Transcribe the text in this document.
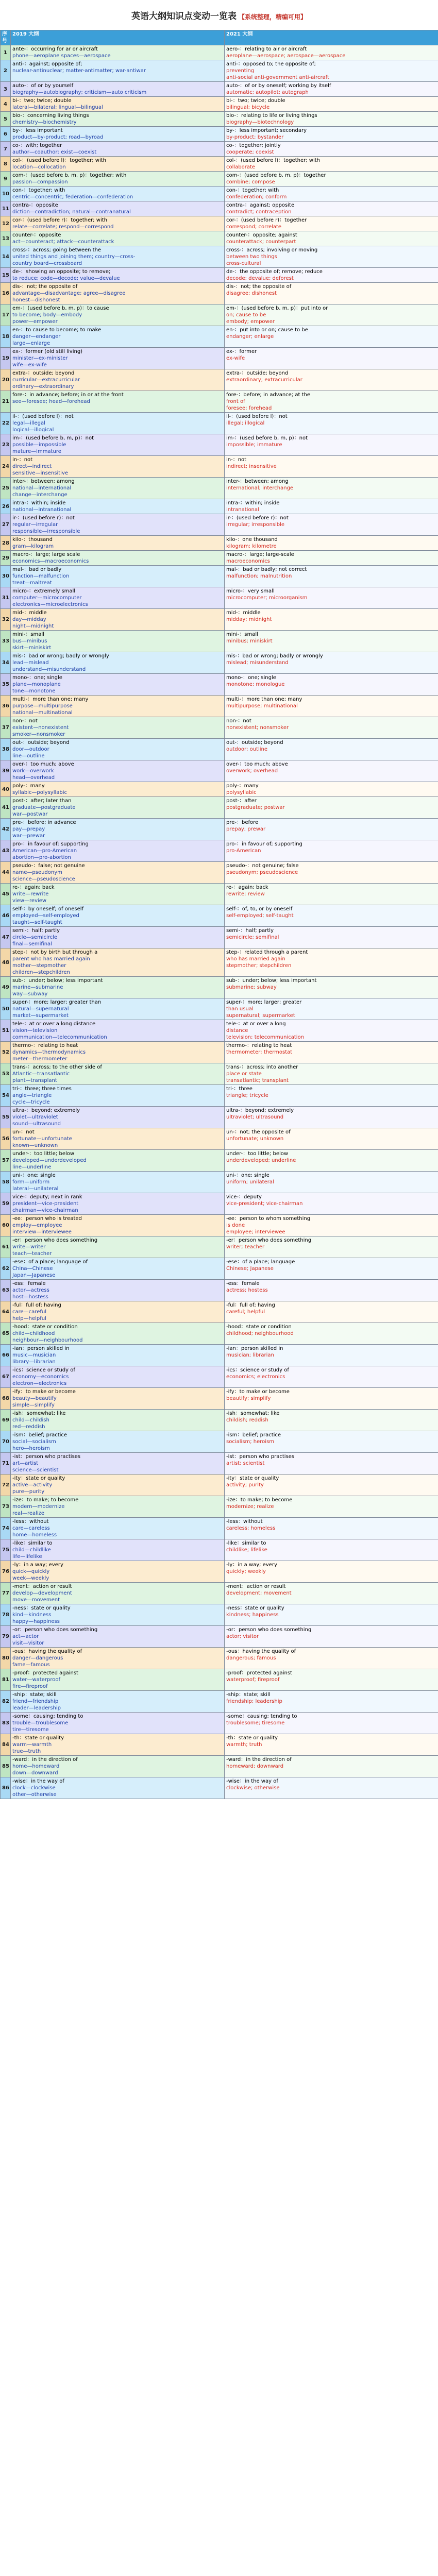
英语大纲知识点变动一览表 【系统整理，精编可用】
序号	2019 大纲	2021 大纲
1	ante-：occurring for ar or aircraft
phone—aeroplane spaces—aerospace	aero-：relating to air or aircraft
aeroplane—aerospace; aerospace—aerospace

2	anti-：against; opposite of;
nuclear-antinuclear; matter-antimatter; war-antiwar	anti-：opposed to; the opposite of;
preventing
anti-social anti-government anti-aircraft

3	auto-：of or by yourself
biography—autobiography; criticism—auto criticism	auto-：of or by oneself; working by itself
automatic; autopilot; autograph

4	bi-：two; twice; double
lateral—bilateral; lingual—bilingual	bi-：two; twice; double
bilingual; bicycle

5	bio-：concerning living things
chemistry—biochemistry	bio-：relating to life or living things
biography—biotechnology

6	by-：less important
product—by-product; road—byroad	by-：less important; secondary
by-product; bystander

7	co-：with; together
author—coauthor; exist—coexist	co-：together; jointly
cooperate; coexist

8	col-：(used before l)：together; with
location—collocation	col-：(used before l)：together; with
collaborate

9	com-：(used before b, m, p)：together; with
passion—compassion	com-：(used before b, m, p)：together
combine; compose

10	con-：together; with
centric—concentric; federation—confederation	con-：together; with
confederation; conform

11	contra-：opposite
diction—contradiction; natural—contranatural	contra-：against; opposite
contradict; contraception

12	cor-：(used before r)：together; with
relate—correlate; respond—correspond	cor-：(used before r)：together
correspond; correlate

13	counter-：opposite
act—counteract; attack—counterattack	counter-：opposite; against
counterattack; counterpart

14	cross-：across; going between the
united things and joining them; country—cross-
country board—crossboard	cross-：across; involving or moving
between two things
cross-cultural

15	de-：showing an opposite; to remove;
to reduce; code—decode; value—devalue	de-：the opposite of; remove; reduce
decode; devalue; deforest

16	dis-：not; the opposite of
advantage—disadvantage; agree—disagree
honest—dishonest	dis-：not; the opposite of
disagree; dishonest

17	em-：(used before b, m, p)：to cause
to become; body—embody
power—empower	em-：(used before b, m, p)：put into or
on; cause to be
embody; empower

18	en-：to cause to become; to make
danger—endanger
large—enlarge	en-：put into or on; cause to be
endanger; enlarge

19	ex-：former (old still living)
minister—ex-minister
wife—ex-wife	ex-：former
ex-wife

20	extra-：outside; beyond
curricular—extracurricular
ordinary—extraordinary	extra-：outside; beyond
extraordinary; extracurricular

21	fore-：in advance; before; in or at the front
see—foresee; head—forehead	fore-：before; in advance; at the
front of
foresee; forehead

22	il-：(used before l)：not
legal—illegal
logical—illogical	il-：(used before l)：not
illegal; illogical

23	im-：(used before b, m, p)：not
possible—impossible
mature—immature	im-：(used before b, m, p)：not
impossible; immature

24	in-：not
direct—indirect
sensitive—insensitive	in-：not
indirect; insensitive

25	inter-：between; among
national—international
change—interchange	inter-：between; among
international; interchange

26	intra-：within; inside
national—intranational	intra-：within; inside
intranational

27	ir-：(used before r)：not
regular—irregular
responsible—irresponsible	ir-：(used before r)：not
irregular; irresponsible

28	kilo-：thousand
gram—kilogram	kilo-：one thousand
kilogram; kilometre

29	macro-：large; large scale
economics—macroeconomics	macro-：large; large-scale
macroeconomics

30	mal-：bad or badly
function—malfunction
treat—maltreat	mal-：bad or badly; not correct
malfunction; malnutrition

31	micro-：extremely small
computer—microcomputer
electronics—microelectronics	micro-：very small
microcomputer; microorganism

32	mid-：middle
day—midday
night—midnight	mid-：middle
midday; midnight

33	mini-：small
bus—minibus
skirt—miniskirt	mini-：small
minibus; miniskirt

34	mis-：bad or wrong; badly or wrongly
lead—mislead
understand—misunderstand	mis-：bad or wrong; badly or wrongly
mislead; misunderstand

35	mono-：one; single
plane—monoplane
tone—monotone	mono-：one; single
monotone; monologue

36	multi-：more than one; many
purpose—multipurpose
national—multinational	multi-：more than one; many
multipurpose; multinational

37	non-：not
existent—nonexistent
smoker—nonsmoker	non-：not
nonexistent; nonsmoker

38	out-：outside; beyond
door—outdoor
line—outline	out-：outside; beyond
outdoor; outline

39	over-：too much; above
work—overwork
head—overhead	over-：too much; above
overwork; overhead

40	poly-：many
syllabic—polysyllabic	poly-：many
polysyllabic

41	post-：after; later than
graduate—postgraduate
war—postwar	post-：after
postgraduate; postwar

42	pre-：before; in advance
pay—prepay
war—prewar	pre-：before
prepay; prewar

43	pro-：in favour of; supporting
American—pro-American
abortion—pro-abortion	pro-：in favour of; supporting
pro-American

44	pseudo-：false; not genuine
name—pseudonym
science—pseudoscience	pseudo-：not genuine; false
pseudonym; pseudoscience

45	re-：again; back
write—rewrite
view—review	re-：again; back
rewrite; review

46	self-：by oneself; of oneself
employed—self-employed
taught—self-taught	self-：of, to, or by oneself
self-employed; self-taught

47	semi-：half; partly
circle—semicircle
final—semifinal	semi-：half; partly
semicircle; semifinal

48	step-：not by birth but through a
parent who has married again
mother—stepmother
children—stepchildren	step-：related through a parent
who has married again
stepmother; stepchildren

49	sub-：under; below; less important
marine—submarine
way—subway	sub-：under; below; less important
submarine; subway

50	super-：more; larger; greater than
natural—supernatural
market—supermarket	super-：more; larger; greater
than usual
supernatural; supermarket

51	tele-：at or over a long distance
vision—television
communication—telecommunication	tele-：at or over a long
distance
television; telecommunication

52	thermo-：relating to heat
dynamics—thermodynamics
meter—thermometer	thermo-：relating to heat
thermometer; thermostat

53	trans-：across; to the other side of
Atlantic—transatlantic
plant—transplant	trans-：across; into another
place or state
transatlantic; transplant

54	tri-：three; three times
angle—triangle
cycle—tricycle	tri-：three
triangle; tricycle

55	ultra-：beyond; extremely
violet—ultraviolet
sound—ultrasound	ultra-：beyond; extremely
ultraviolet; ultrasound

56	un-：not
fortunate—unfortunate
known—unknown	un-：not; the opposite of
unfortunate; unknown

57	under-：too little; below
developed—underdeveloped
line—underline	under-：too little; below
underdeveloped; underline

58	uni-：one; single
form—uniform
lateral—unilateral	uni-：one; single
uniform; unilateral

59	vice-：deputy; next in rank
president—vice-president
chairman—vice-chairman	vice-：deputy
vice-president; vice-chairman

60	-ee：person who is treated
employ—employee
interview—interviewee	-ee：person to whom something
is done
employee; interviewee

61	-er：person who does something
write—writer
teach—teacher	-er：person who does something
writer; teacher

62	-ese：of a place; language of
China—Chinese
Japan—Japanese	-ese：of a place; language
Chinese; Japanese

63	-ess：female
actor—actress
host—hostess	-ess：female
actress; hostess

64	-ful：full of; having
care—careful
help—helpful	-ful：full of; having
careful; helpful

65	-hood：state or condition
child—childhood
neighbour—neighbourhood	-hood：state or condition
childhood; neighbourhood

66	-ian：person skilled in
music—musician
library—librarian	-ian：person skilled in
musician; librarian

67	-ics：science or study of
economy—economics
electron—electronics	-ics：science or study of
economics; electronics

68	-ify：to make or become
beauty—beautify
simple—simplify	-ify：to make or become
beautify; simplify

69	-ish：somewhat; like
child—childish
red—reddish	-ish：somewhat; like
childish; reddish

70	-ism：belief; practice
social—socialism
hero—heroism	-ism：belief; practice
socialism; heroism

71	-ist：person who practises
art—artist
science—scientist	-ist：person who practises
artist; scientist

72	-ity：state or quality
active—activity
pure—purity	-ity：state or quality
activity; purity

73	-ize：to make; to become
modern—modernize
real—realize	-ize：to make; to become
modernize; realize

74	-less：without
care—careless
home—homeless	-less：without
careless; homeless

75	-like：similar to
child—childlike
life—lifelike	-like：similar to
childlike; lifelike

76	-ly：in a way; every
quick—quickly
week—weekly	-ly：in a way; every
quickly; weekly

77	-ment：action or result
develop—development
move—movement	-ment：action or result
development; movement

78	-ness：state or quality
kind—kindness
happy—happiness	-ness：state or quality
kindness; happiness

79	-or：person who does something
act—actor
visit—visitor	-or：person who does something
actor; visitor

80	-ous：having the quality of
danger—dangerous
fame—famous	-ous：having the quality of
dangerous; famous

81	-proof：protected against
water—waterproof
fire—fireproof	-proof：protected against
waterproof; fireproof

82	-ship：state; skill
friend—friendship
leader—leadership	-ship：state; skill
friendship; leadership

83	-some：causing; tending to
trouble—troublesome
tire—tiresome	-some：causing; tending to
troublesome; tiresome

84	-th：state or quality
warm—warmth
true—truth	-th：state or quality
warmth; truth

85	-ward：in the direction of
home—homeward
down—downward	-ward：in the direction of
homeward; downward

86	-wise：in the way of
clock—clockwise
other—otherwise	-wise：in the way of
clockwise; otherwise
